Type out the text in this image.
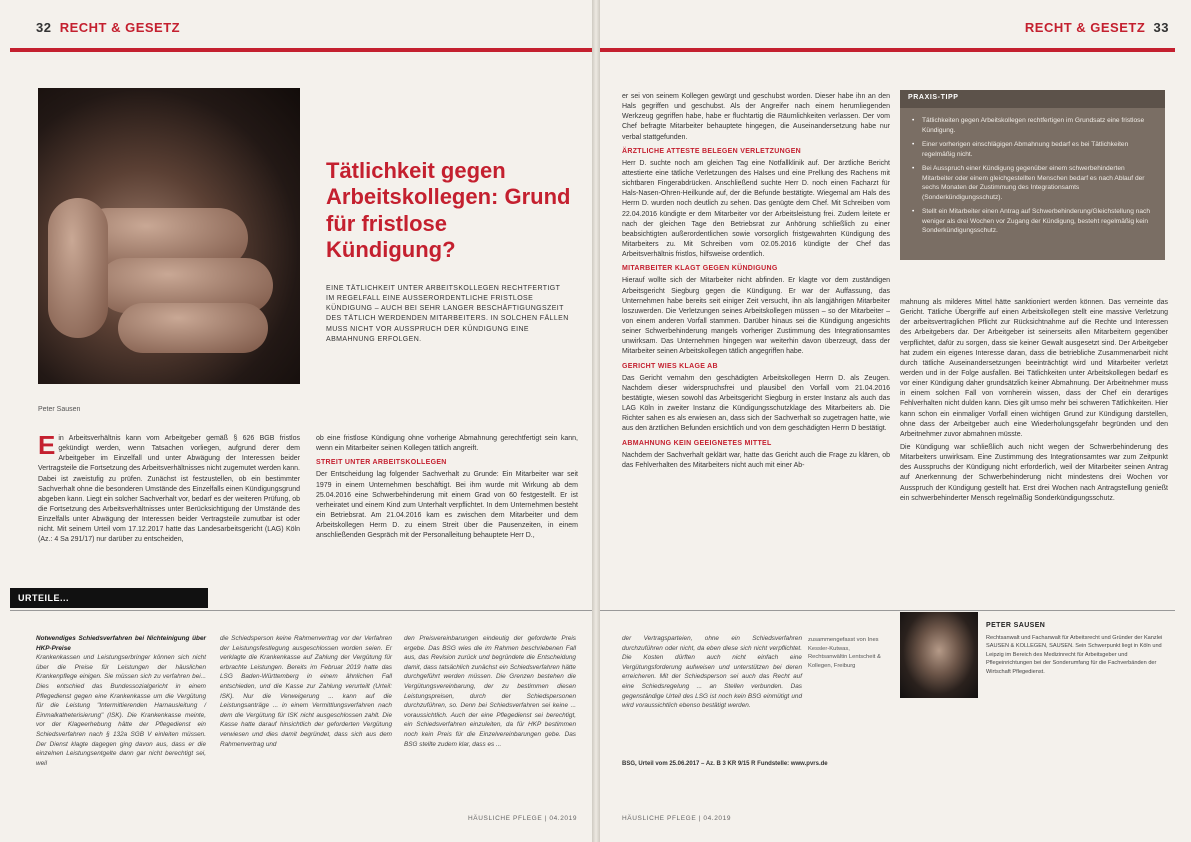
32 RECHT & GESETZ
Tätlichkeit gegen Arbeitskollegen: Grund für fristlose Kündigung?
EINE TÄTLICHKEIT UNTER ARBEITSKOLLEGEN RECHTFERTIGT IM REGELFALL EINE AUSSERORDENTLICHE FRISTLOSE KÜNDIGUNG – AUCH BEI SEHR LANGER BESCHÄFTIGUNGSZEIT DES TÄTLICH WERDENDEN MITARBEITERS. IN SOLCHEN FÄLLEN MUSS NICHT VOR AUSSPRUCH DER KÜNDIGUNG EINE ABMAHNUNG ERFOLGEN.
Peter Sausen
E in Arbeitsverhältnis kann vom Arbeitgeber gemäß § 626 BGB fristlos gekündigt werden, wenn Tatsachen vorliegen, aufgrund derer dem Arbeitgeber im Einzelfall und unter Abwägung der Interessen beider Vertragsteile die Fortsetzung des Arbeitsverhältnisses nicht zugemutet werden kann. Dabei ist zweistufig zu prüfen. Zunächst ist festzustellen, ob ein bestimmter Sachverhalt ohne die besonderen Umstände des Einzelfalls einen Kündigungsgrund abgeben kann. Liegt ein solcher Sachverhalt vor, bedarf es der weiteren Prüfung, ob die Fortsetzung des Arbeitsverhältnisses unter Berücksichtigung der Umstände des Einzelfalls unter Abwägung der Interessen beider Vertragsteile zumutbar ist oder nicht. Mit seinem Urteil vom 17.12.2017 hatte das Landesarbeitsgericht (LAG) Köln (Az.: 4 Sa 291/17) nur darüber zu entscheiden,

ob eine fristlose Kündigung ohne vorherige Abmahnung gerechtfertigt sein kann, wenn ein Mitarbeiter seinen Kollegen tätlich angreift.

STREIT UNTER ARBEITSKOLLEGEN

Der Entscheidung lag folgender Sachverhalt zu Grunde: Ein Mitarbeiter war seit 1979 in einem Unternehmen beschäftigt. Bei ihm wurde mit Wirkung ab dem 25.04.2016 eine Schwerbehinderung mit einem Grad von 60 festgestellt. Er ist verheiratet und einem Kind zum Unterhalt verpflichtet. In dem Unternehmen besteht ein Betriebsrat. Am 21.04.2016 kam es zwischen dem Mitarbeiter und dem Arbeitskollegen Herrn D. zu einem Streit über die Pausenzeiten, in einem anschließenden Gespräch mit der Personalleitung behauptete Herr D.,

URTEILE...
Notwendiges Schiedsverfahren bei Nichteinigung über HKP-Preise
Krankenkassen und Leistungserbringer können sich nicht über die Preise für Leistungen der häuslichen Krankenpflege einigen. Sie müssen sich zu verfahren bei... Dies entschied das Bundessozialgericht in einem Pflegedienst gegen eine Krankenkasse um die Vergütung für die Leistung "Intermittierenden Harnausleitung / Einmalkatheterisierung" (ISK). Die Krankenkasse meinte, vor der Klageerhebung hätte der Pflegedienst ein Schiedsverfahren nach § 132a SGB V einleiten müssen. Der Dienst klagte dagegen ging davon aus, dass er die einzelnen Leistungsentgelte dann gar nicht berechtigt sei, weil
die Schiedsperson keine Rahmenvertrag vor der Verfahren der Leistungsfestlegung ausgeschlossen worden seien. Er verklagte die Krankenkasse auf Zahlung der Vergütung für erbrachte Leistungen. Bereits im Februar 2019 hatte das LSG Baden-Württemberg in einem ähnlichen Fall entschieden, und die Kasse zur Zahlung verurteilt (Urteil: ISK). Nur die Verweigerung ... kann auf die Leistungsanträge ... in einem Vermittlungsverfahren nach dem die Vergütung für ISK nicht ausgeschlossen zahlt. Die Kasse hatte darauf hinsichtlich der geforderten Vergütung verwiesen und dies damit begründet, dass sich aus dem Rahmenvertrag und
den Preisvereinbarungen eindeutig der geforderte Preis ergebe. Das BSG wies die im Rahmen beschriebenen Fall aus, das Revision zurück und begründete die Entscheidung damit, dass tatsächlich zunächst ein Schiedsverfahren hätte durchgeführt werden müssen. Die Grenzen bestehen die Vergütungsvereinbarung, der zu bestimmen diesen Leistungspreisen, durch der Schiedspersonen durchzuführen, so. Denn bei Schiedsverfahren sei keine ... voraussichtlich. Auch der eine Pflegedienst sei berechtigt, ein Schiedsverfahren einzuleiten, da für HKP bestimmen noch kein Preis für die Einzelvereinbarungen gebe. Das BSG stellte zudem klar, dass es ...
HÄUSLICHE PFLEGE | 04.2019
RECHT & GESETZ 33

er sei von seinem Kollegen gewürgt und geschubst worden. Dieser habe ihn an den Hals gegriffen und geschubst. Als der Angreifer nach einem herumliegenden Werkzeug gegriffen habe, habe er fluchtartig die Räumlichkeiten verlassen. Der vom Chef befragte Mitarbeiter behauptete hingegen, die Auseinandersetzung habe nur verbal stattgefunden.

ÄRZTLICHE ATTESTE BELEGEN VERLETZUNGEN

Herr D. suchte noch am gleichen Tag eine Notfallklinik auf. Der ärztliche Bericht attestierte eine tätliche Verletzungen des Halses und eine Prellung des Rachens mit sichtbaren Fingerabdrücken. Anschließend suchte Herr D. noch einen Facharzt für Hals-Nasen-Ohren-Heilkunde auf, der die Befunde bestätigte. Wiegemal am Hals des Herrn D. wurden noch deutlich zu sehen. Das genügte dem Chef. Mit Schreiben vom 22.04.2016 kündigte er dem Mitarbeiter vor der Arbeitsleistung frei. Zudem leitete er nach der gleichen Tage den Betriebsrat zur Anhörung schließlich zu einer beabsichtigten außerordentlichen sowie vorsorglich fristgewahrten Kündigung des Mitarbeiters zu. Mit Schreiben vom 02.05.2016 kündigte der Chef das Arbeitsverhältnis fristlos, hilfsweise ordentlich.

MITARBEITER KLAGT GEGEN KÜNDIGUNG

Hierauf wollte sich der Mitarbeiter nicht abfinden. Er klagte vor dem zuständigen Arbeitsgericht Siegburg gegen die Kündigung. Er war der Auffassung, das Unternehmen habe bereits seit einiger Zeit versucht, ihn als langjährigen Mitarbeiter loszuwerden. Die Verletzungen seines Arbeitskollegen müssen – so der Mitarbeiter – von einem anderen Vorfall stammen. Darüber hinaus sei die Kündigung angesichts seiner Schwerbehinderung mangels vorheriger Zustimmung des Integrationsamtes unwirksam. Das Unternehmen hingegen war weiterhin davon überzeugt, dass der Mitarbeiter seinen Arbeitskollegen tätlich angegriffen habe.

GERICHT WIES KLAGE AB

Das Gericht vernahm den geschädigten Arbeitskollegen Herrn D. als Zeugen. Nachdem dieser widerspruchsfrei und plausibel den Vorfall vom 21.04.2016 bestätigte, wiesen sowohl das Arbeitsgericht Siegburg in erster Instanz als auch das LAG Köln in zweiter Instanz die Kündigungsschutzklage des Mitarbeiters ab. Die Richter sahen es als erwiesen an, dass sich der Sachverhalt so zugetragen hatte, wie aus den ärztlichen Befunden ersichtlich und von dem geschädigten Herrn D bestätigt.

ABMAHNUNG KEIN GEEIGNETES MITTEL

Nachdem der Sachverhalt geklärt war, hatte das Gericht auch die Frage zu klären, ob das Fehlverhalten des Mitarbeiters nicht auch mit einer Ab-

mahnung als milderes Mittel hätte sanktioniert werden können. Das verneinte das Gericht. Tätliche Übergriffe auf einen Arbeitskollegen stellt eine massive Verletzung der arbeitsvertraglichen Pflicht zur Rücksichtnahme auf die Rechte und Interessen des Arbeitgebers dar. Der Arbeitgeber ist seinerseits allen Mitarbeitern gegenüber verpflichtet, dafür zu sorgen, dass sie keiner Gewalt ausgesetzt sind. Der Arbeitgeber hat zudem ein eigenes Interesse daran, dass die betriebliche Zusammenarbeit nicht durch tätliche Auseinandersetzungen beeinträchtigt wird und Mitarbeiter verletzt werden und in der Folge ausfallen. Bei Tätlichkeiten unter Arbeitskollegen bedarf es vor einer Kündigung daher grundsätzlich keiner Abmahnung. Der Arbeitnehmer muss in einem solchen Fall von vornherein wissen, dass der Chef ein derartiges Fehlverhalten nicht dulden kann. Dies gilt umso mehr bei schweren Tätlichkeiten. Hier kann schon ein einmaliger Vorfall einen wichtigen Grund zur Kündigung darstellen, ohne dass der Arbeitgeber auch eine Wiederholungsgefahr begründen und den Arbeitnehmer zuvor abmahnen müsste.

Die Kündigung war schließlich auch nicht wegen der Schwerbehinderung des Mitarbeiters unwirksam. Eine Zustimmung des Integrationsamtes war zum Zeitpunkt des Ausspruchs der Kündigung nicht erforderlich, weil der Mitarbeiter seinen Antrag auf Anerkennung der Schwerbehinderung nicht mindestens drei Wochen vor Ausspruch der Kündigung gestellt hat. Erst drei Wochen nach Antragstellung genießt ein schwerbehinderter Mensch regelmäßig Sonderkündigungsschutz.

der Vertragsparteien, ohne ein Schiedsverfahren durchzuführen oder nicht, da eben diese sich nicht verpflichtet. Die Kosten dürften auch nicht einfach eine Vergütungsforderung aufweisen und unterstützen bei deren erreicheren. Mit der Schiedsperson sei auch das Recht auf eine Schiedsregelung ... an Stellen verbunden. Das gegenständige Urteil des LSG ist noch kein BSG einmütigt und wird voraussichtlich ebenso bestätigt werden.
BSG, Urteil vom 25.06.2017 – Az. B 3 KR 9/15 R Fundstelle: www.pvrs.de
HÄUSLICHE PFLEGE | 04.2019
PRAXIS-TIPP
• Tätlichkeiten gegen Arbeitskollegen rechtfertigen im Grundsatz eine fristlose Kündigung.
• Einer vorherigen einschlägigen Abmahnung bedarf es bei Tätlichkeiten regelmäßig nicht.
• Bei Ausspruch einer Kündigung gegenüber einem schwerbehinderten Mitarbeiter oder einem gleichgestellten Menschen bedarf es nach Ablauf der sechs Monaten der Zustimmung des Integrationsamts (Sonderkündigungsschutz).
• Stellt ein Mitarbeiter einen Antrag auf Schwerbehinderung/Gleichstellung nach weniger als drei Wochen vor Zugang der Kündigung, besteht regelmäßig kein Sonderkündigungsschutz.
zusammengefasst von Ines Kessler-Kutwas, Rechtsanwältin Lentscheit & Kollegen, Freiburg
PETER SAUSEN
Rechtsanwalt und Fachanwalt für Arbeitsrecht und Gründer der Kanzlei SAUSEN & KOLLEGEN, SAUSEN. Sein Schwerpunkt liegt in Köln und Leipzig im Bereich des Medizinrecht für Arbeitsgeber und Pflegeinrichtungen bei der Sonderumfang für die Fachverbänden der Wirtschaft Pflegedienst.
